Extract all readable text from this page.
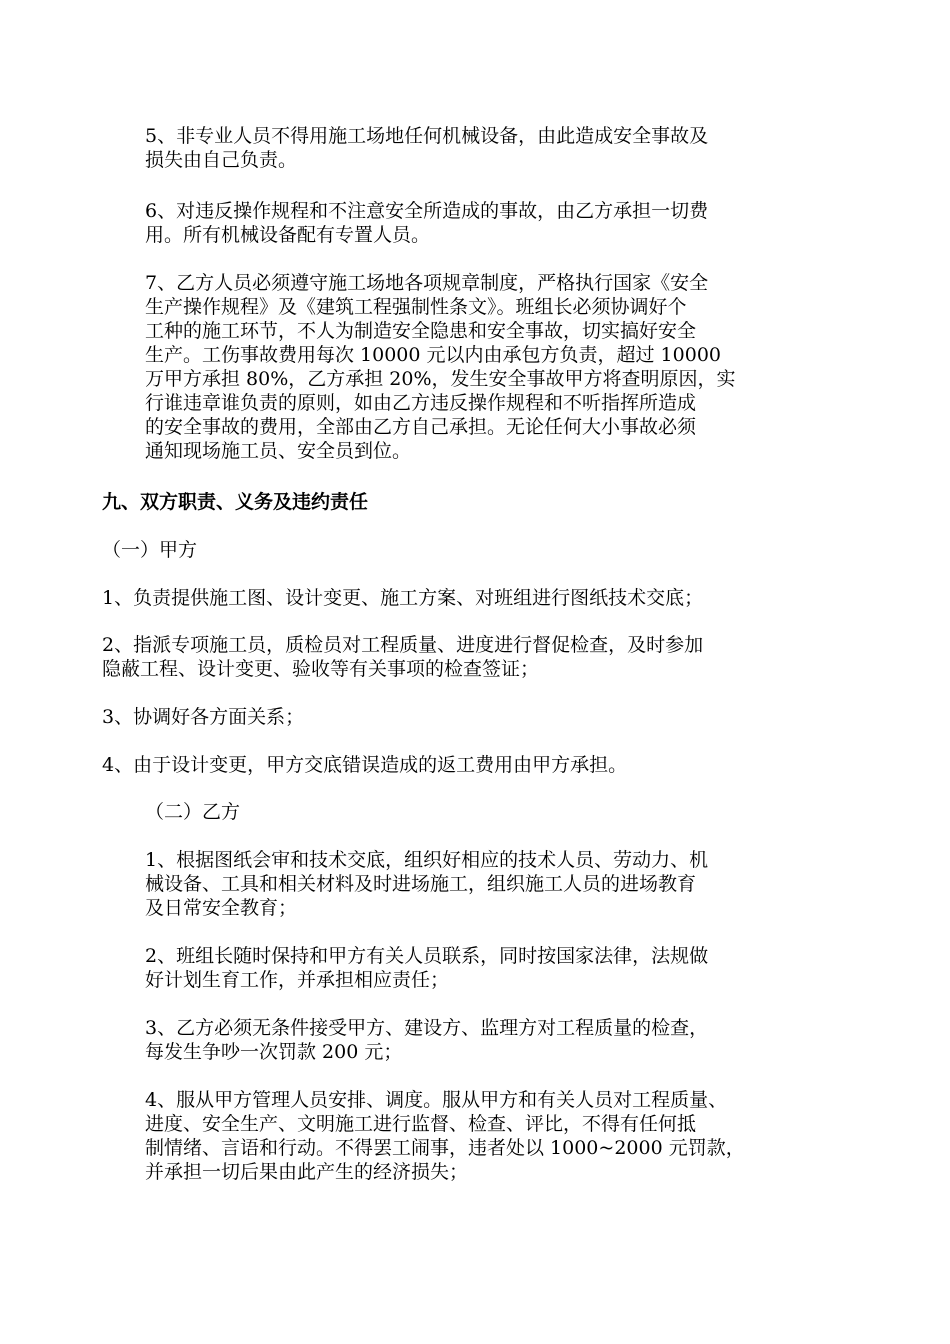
5、非专业人员不得用施工场地任何机械设备，由此造成安全事故及
损失由自己负责。
6、对违反操作规程和不注意安全所造成的事故，由乙方承担一切费
用。所有机械设备配有专置人员。
7、乙方人员必须遵守施工场地各项规章制度，严格执行国家《安全
生产操作规程》及《建筑工程强制性条文》。班组长必须协调好个
工种的施工环节，不人为制造安全隐患和安全事故，切实搞好安全
生产。工伤事故费用每次 10000 元以内由承包方负责，超过 10000
万甲方承担 80%，乙方承担 20%，发生安全事故甲方将查明原因，实
行谁违章谁负责的原则，如由乙方违反操作规程和不听指挥所造成
的安全事故的费用，全部由乙方自己承担。无论任何大小事故必须
通知现场施工员、安全员到位。
九、双方职责、义务及违约责任
（一）甲方
1、负责提供施工图、设计变更、施工方案、对班组进行图纸技术交底；
2、指派专项施工员，质检员对工程质量、进度进行督促检查，及时参加
隐蔽工程、设计变更、验收等有关事项的检查签证；
3、协调好各方面关系；
4、由于设计变更，甲方交底错误造成的返工费用由甲方承担。
（二）乙方
1、根据图纸会审和技术交底，组织好相应的技术人员、劳动力、机
械设备、工具和相关材料及时进场施工，组织施工人员的进场教育
及日常安全教育；
2、班组长随时保持和甲方有关人员联系，同时按国家法律，法规做
好计划生育工作，并承担相应责任；
3、乙方必须无条件接受甲方、建设方、监理方对工程质量的检查，
每发生争吵一次罚款 200 元；
4、服从甲方管理人员安排、调度。服从甲方和有关人员对工程质量、
进度、安全生产、文明施工进行监督、检查、评比，不得有任何抵
制情绪、言语和行动。不得罢工闹事，违者处以 1000~2000 元罚款，
并承担一切后果由此产生的经济损失；
